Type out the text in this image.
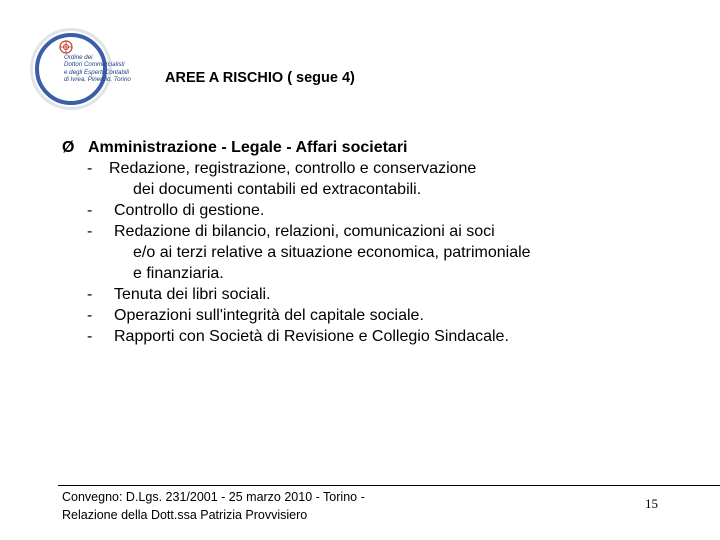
Ordine dei
Dottori Commercialisti
e degli Esperti Contabili
di Ivrea, Pinerolo, Torino	AREE A RISCHIO ( segue 4)
Ø Amministrazione - Legale - Affari societari
- Redazione, registrazione, controllo e conservazione
dei documenti contabili ed extracontabili.
- Controllo di gestione.
- Redazione di bilancio, relazioni, comunicazioni ai soci
e/o ai terzi relative a situazione economica, patrimoniale
e finanziaria.
- Tenuta dei libri sociali.
- Operazioni sull'integrità del capitale sociale.
- Rapporti con Società di Revisione e Collegio Sindacale.
Convegno: D.Lgs. 231/2001 - 25 marzo 2010 - Torino -
Relazione della Dott.ssa Patrizia Provvisiero
15
